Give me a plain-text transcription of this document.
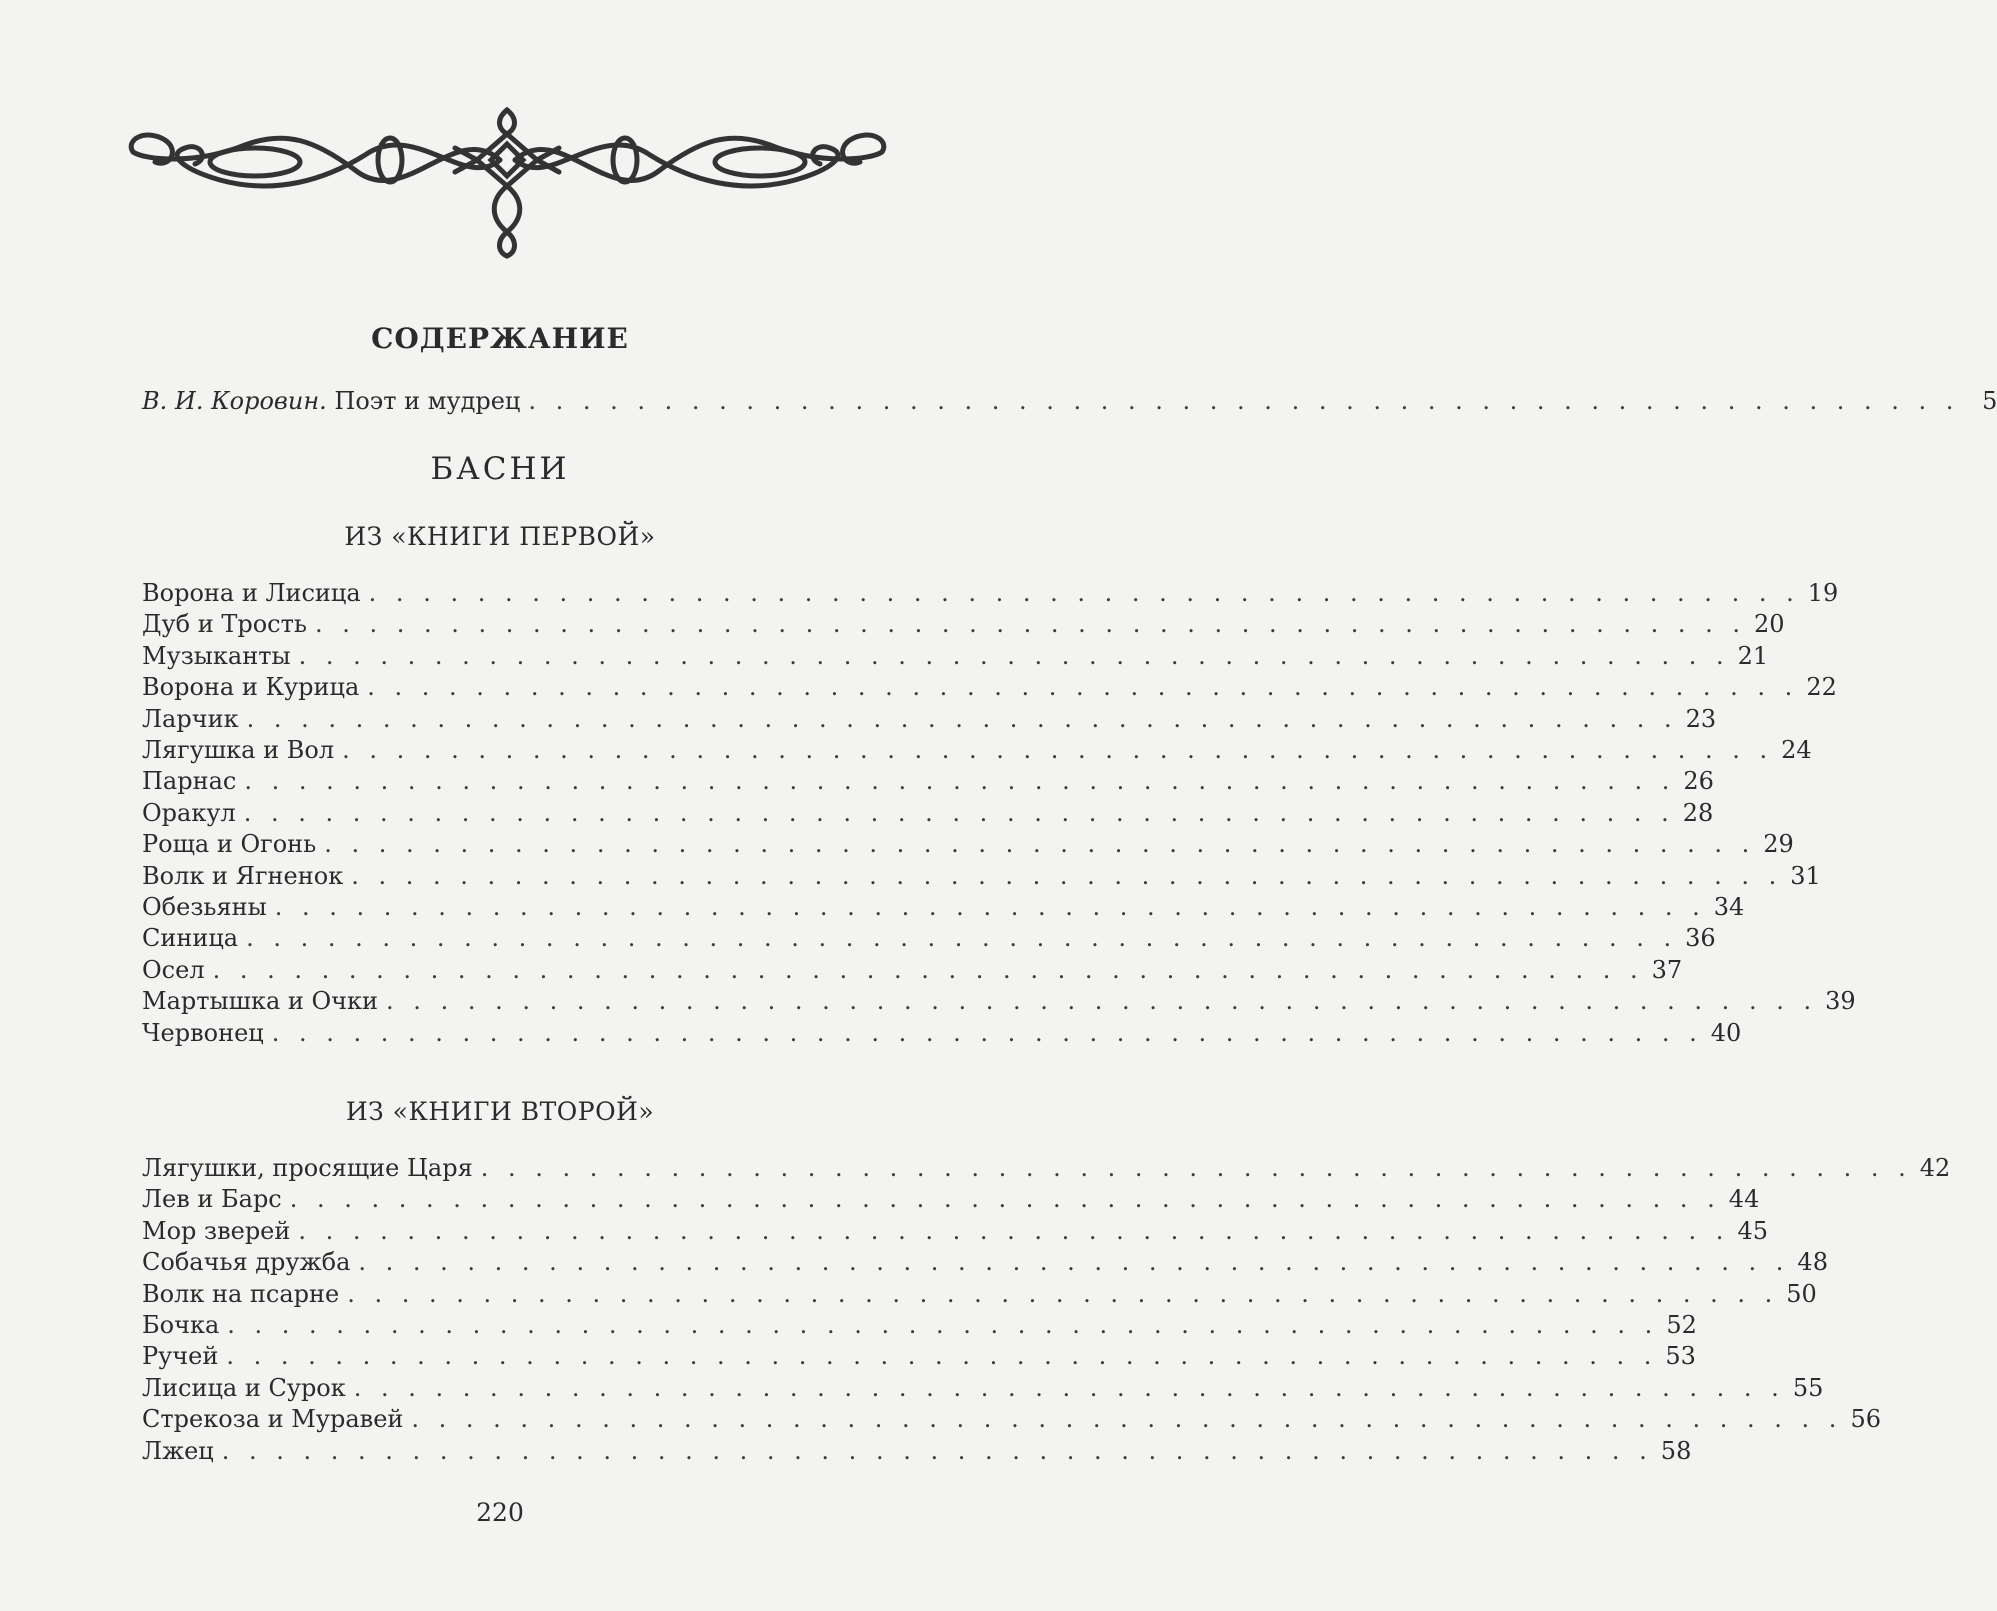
СОДЕРЖАНИЕ
В. И. Коровин. Поэт и мудрец . . . . . . . . . . . . . . . . . . . . . . . . . . . . . . . . . . . . . . . . . . . . . . . . . . . . . 5
БАСНИ
ИЗ «КНИГИ ПЕРВОЙ»
Ворона и Лисица . . . . . . . . . . . . . . . . . . . . . . . . . . . . . . . . . . . . . . . . . . . . . . . . . . . . . 19
Дуб и Трость . . . . . . . . . . . . . . . . . . . . . . . . . . . . . . . . . . . . . . . . . . . . . . . . . . . . . 20
Музыканты . . . . . . . . . . . . . . . . . . . . . . . . . . . . . . . . . . . . . . . . . . . . . . . . . . . . . 21
Ворона и Курица . . . . . . . . . . . . . . . . . . . . . . . . . . . . . . . . . . . . . . . . . . . . . . . . . . . . . 22
Ларчик . . . . . . . . . . . . . . . . . . . . . . . . . . . . . . . . . . . . . . . . . . . . . . . . . . . . . 23
Лягушка и Вол . . . . . . . . . . . . . . . . . . . . . . . . . . . . . . . . . . . . . . . . . . . . . . . . . . . . . 24
Парнас . . . . . . . . . . . . . . . . . . . . . . . . . . . . . . . . . . . . . . . . . . . . . . . . . . . . . 26
Оракул . . . . . . . . . . . . . . . . . . . . . . . . . . . . . . . . . . . . . . . . . . . . . . . . . . . . . 28
Роща и Огонь . . . . . . . . . . . . . . . . . . . . . . . . . . . . . . . . . . . . . . . . . . . . . . . . . . . . . 29
Волк и Ягненок . . . . . . . . . . . . . . . . . . . . . . . . . . . . . . . . . . . . . . . . . . . . . . . . . . . . . 31
Обезьяны . . . . . . . . . . . . . . . . . . . . . . . . . . . . . . . . . . . . . . . . . . . . . . . . . . . . . 34
Синица . . . . . . . . . . . . . . . . . . . . . . . . . . . . . . . . . . . . . . . . . . . . . . . . . . . . . 36
Осел . . . . . . . . . . . . . . . . . . . . . . . . . . . . . . . . . . . . . . . . . . . . . . . . . . . . . 37
Мартышка и Очки . . . . . . . . . . . . . . . . . . . . . . . . . . . . . . . . . . . . . . . . . . . . . . . . . . . . . 39
Червонец . . . . . . . . . . . . . . . . . . . . . . . . . . . . . . . . . . . . . . . . . . . . . . . . . . . . . 40
ИЗ «КНИГИ ВТОРОЙ»
Лягушки, просящие Царя . . . . . . . . . . . . . . . . . . . . . . . . . . . . . . . . . . . . . . . . . . . . . . . . . . . . . 42
Лев и Барс . . . . . . . . . . . . . . . . . . . . . . . . . . . . . . . . . . . . . . . . . . . . . . . . . . . . . 44
Мор зверей . . . . . . . . . . . . . . . . . . . . . . . . . . . . . . . . . . . . . . . . . . . . . . . . . . . . . 45
Собачья дружба . . . . . . . . . . . . . . . . . . . . . . . . . . . . . . . . . . . . . . . . . . . . . . . . . . . . . 48
Волк на псарне . . . . . . . . . . . . . . . . . . . . . . . . . . . . . . . . . . . . . . . . . . . . . . . . . . . . . 50
Бочка . . . . . . . . . . . . . . . . . . . . . . . . . . . . . . . . . . . . . . . . . . . . . . . . . . . . . 52
Ручей . . . . . . . . . . . . . . . . . . . . . . . . . . . . . . . . . . . . . . . . . . . . . . . . . . . . . 53
Лисица и Сурок . . . . . . . . . . . . . . . . . . . . . . . . . . . . . . . . . . . . . . . . . . . . . . . . . . . . . 55
Стрекоза и Муравей . . . . . . . . . . . . . . . . . . . . . . . . . . . . . . . . . . . . . . . . . . . . . . . . . . . . . 56
Лжец . . . . . . . . . . . . . . . . . . . . . . . . . . . . . . . . . . . . . . . . . . . . . . . . . . . . . 58
220
